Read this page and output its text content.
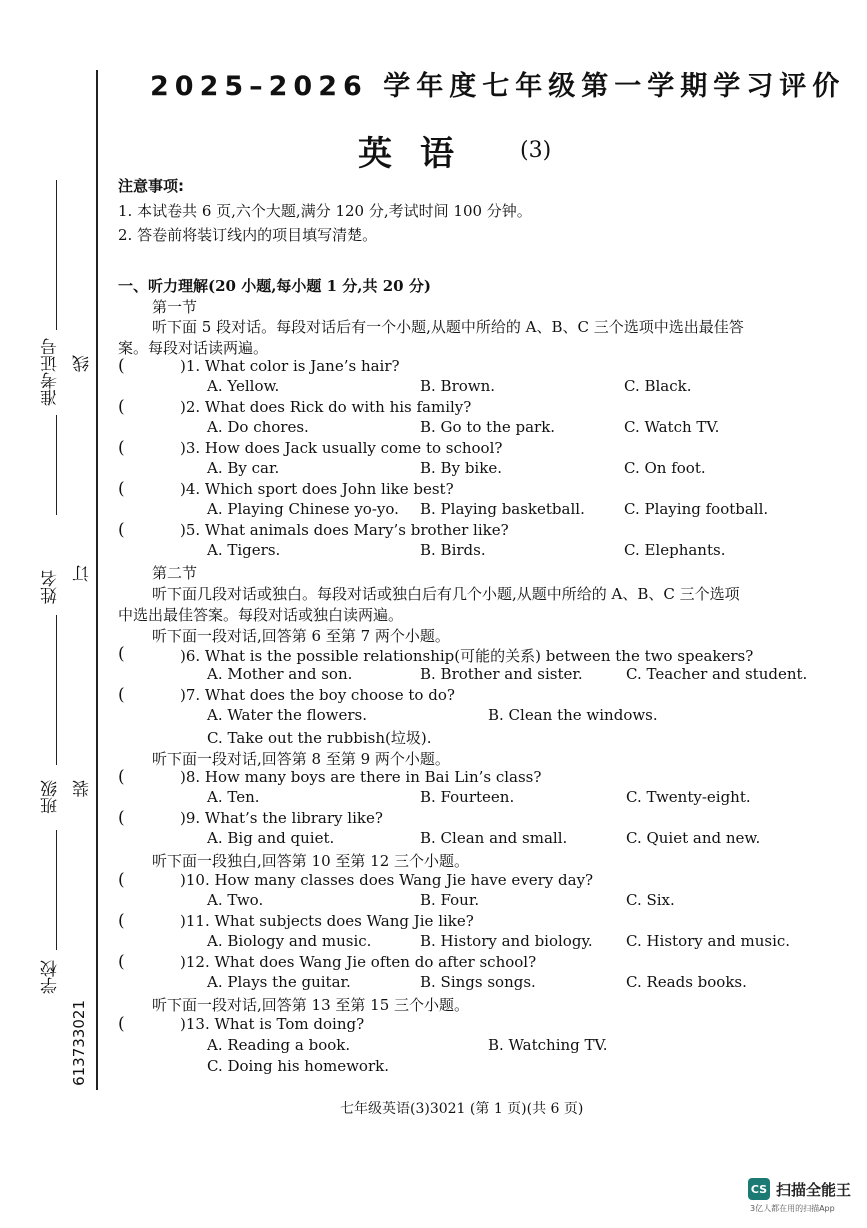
准考证号 线
姓名 订
班级 装
学校
613733021
2025–2026 学年度七年级第一学期学习评价
英语 (3)
注意事项:
1. 本试卷共 6 页,六个大题,满分 120 分,考试时间 100 分钟。
2. 答卷前将装订线内的项目填写清楚。
一、听力理解(20 小题,每小题 1 分,共 20 分)
第一节
听下面 5 段对话。每段对话后有一个小题,从题中所给的 A、B、C 三个选项中选出最佳答
案。每段对话读两遍。
(	)1. What color is Jane’s hair?
A. Yellow.	B. Brown.	C. Black.
(	)2. What does Rick do with his family?
A. Do chores.	B. Go to the park.	C. Watch TV.
(	)3. How does Jack usually come to school?
A. By car.	B. By bike.	C. On foot.
(	)4. Which sport does John like best?
A. Playing Chinese yo-yo. B. Playing basketball.	C. Playing football.
(	)5. What animals does Mary’s brother like?
A. Tigers.	B. Birds.	C. Elephants.
第二节
听下面几段对话或独白。每段对话或独白后有几个小题,从题中所给的 A、B、C 三个选项
中选出最佳答案。每段对话或独白读两遍。
听下面一段对话,回答第 6 至第 7 两个小题。
(	)6. What is the possible relationship(可能的关系) between the two speakers?
A. Mother and son.	B. Brother and sister.	C. Teacher and student.
(	)7. What does the boy choose to do?
A. Water the flowers.	B. Clean the windows.
C. Take out the rubbish(垃圾).
听下面一段对话,回答第 8 至第 9 两个小题。
(	)8. How many boys are there in Bai Lin’s class?
A. Ten.	B. Fourteen.	C. Twenty-eight.
(	)9. What’s the library like?
A. Big and quiet.	B. Clean and small.	C. Quiet and new.
听下面一段独白,回答第 10 至第 12 三个小题。
(	)10. How many classes does Wang Jie have every day?
A. Two.	B. Four.	C. Six.
(	)11. What subjects does Wang Jie like?
A. Biology and music.	B. History and biology. C. History and music.
(	)12. What does Wang Jie often do after school?
A. Plays the guitar.	B. Sings songs.	C. Reads books.
听下面一段对话,回答第 13 至第 15 三个小题。
(	)13. What is Tom doing?
A. Reading a book.	B. Watching TV.
C. Doing his homework.
七年级英语(3)3021 (第 1 页)(共 6 页)
CS 扫描全能王
3亿人都在用的扫描App
